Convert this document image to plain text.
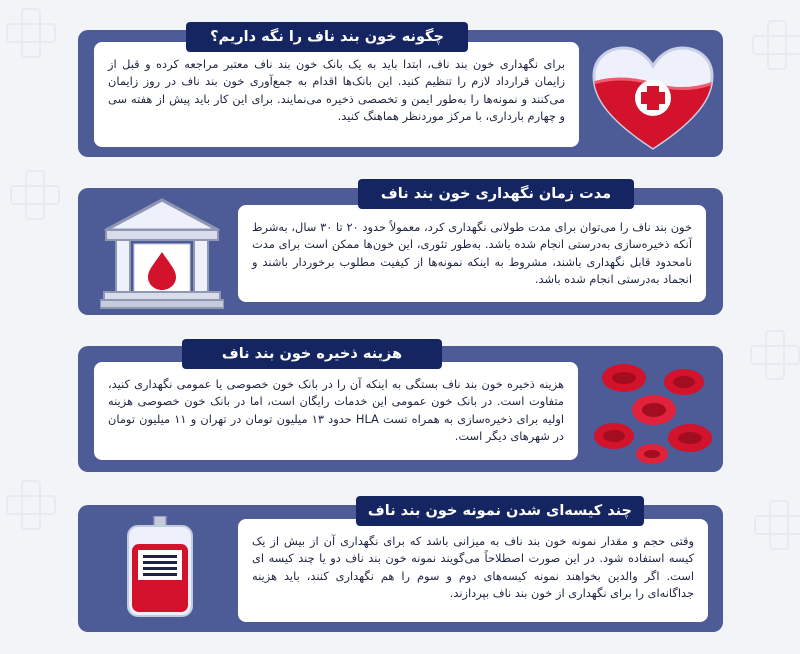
برای نگهداری خون بند ناف، ابتدا باید به یک بانک خون بند ناف معتبر مراجعه کرده و قبل از زایمان قرارداد لازم را تنظیم کنید. این بانک‌ها اقدام به جمع‌آوری خون بند ناف در روز زایمان می‌کنند و نمونه‌ها را به‌طور ایمن و تخصصی ذخیره می‌نمایند. برای این کار باید پیش از هفته سی و چهارم بارداری، با مرکز موردنظر هماهنگ کنید.
چگونه خون بند ناف را نگه داریم؟
خون بند ناف را می‌توان برای مدت طولانی نگهداری کرد، معمولاً حدود ۲۰ تا ۳۰ سال، به‌شرط آنکه ذخیره‌سازی به‌درستی انجام شده باشد. به‌طور تئوری، این خون‌ها ممکن است برای مدت نامحدود قابل نگهداری باشند، مشروط به اینکه نمونه‌ها از کیفیت مطلوب برخوردار باشند و انجماد به‌درستی انجام شده باشد.
مدت زمان نگهداری خون بند ناف
هزینه ذخیره خون بند ناف بستگی به اینکه آن را در بانک خون خصوصی یا عمومی نگهداری کنید، متفاوت است. در بانک خون عمومی این خدمات رایگان است، اما در بانک خون خصوصی هزینه اولیه برای ذخیره‌سازی به همراه تست HLA حدود ۱۳ میلیون تومان در تهران و ۱۱ میلیون تومان در شهرهای دیگر است.
هزینه ذخیره خون بند ناف
وقتی حجم و مقدار نمونه خون بند ناف به میزانی باشد که برای نگهداری آن از بیش از یک کیسه استفاده شود. در این صورت اصطلاحاً می‌گویند نمونه خون بند ناف دو یا چند کیسه ای است. اگر والدین بخواهند نمونه کیسه‌های دوم و سوم را هم نگهداری کنند، باید هزینه جداگانه‌ای را برای نگهداری از خون بند ناف بپردازند.
چند کیسه‌ای شدن نمونه خون بند ناف
